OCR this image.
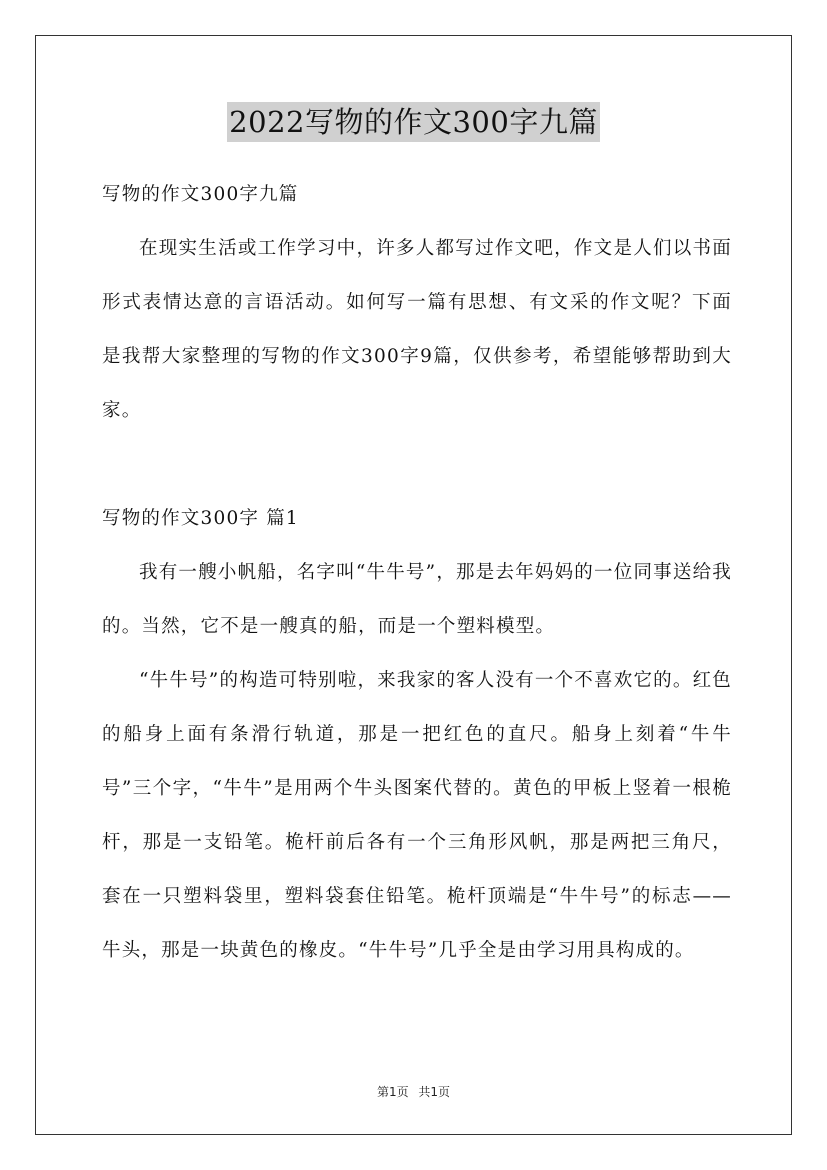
2022写物的作文300字九篇

写物的作文300字九篇

在现实生活或工作学习中，许多人都写过作文吧，作文是人们以书面形式表情达意的言语活动。如何写一篇有思想、有文采的作文呢？下面是我帮大家整理的写物的作文300字9篇，仅供参考，希望能够帮助到大家。

写物的作文300字 篇1

我有一艘小帆船，名字叫“牛牛号”，那是去年妈妈的一位同事送给我的。当然，它不是一艘真的船，而是一个塑料模型。

“牛牛号”的构造可特别啦，来我家的客人没有一个不喜欢它的。红色的船身上面有条滑行轨道，那是一把红色的直尺。船身上刻着“牛牛号”三个字，“牛牛”是用两个牛头图案代替的。黄色的甲板上竖着一根桅杆，那是一支铅笔。桅杆前后各有一个三角形风帆，那是两把三角尺，套在一只塑料袋里，塑料袋套住铅笔。桅杆顶端是“牛牛号”的标志——牛头，那是一块黄色的橡皮。“牛牛号”几乎全是由学习用具构成的。

第1页 共1页
